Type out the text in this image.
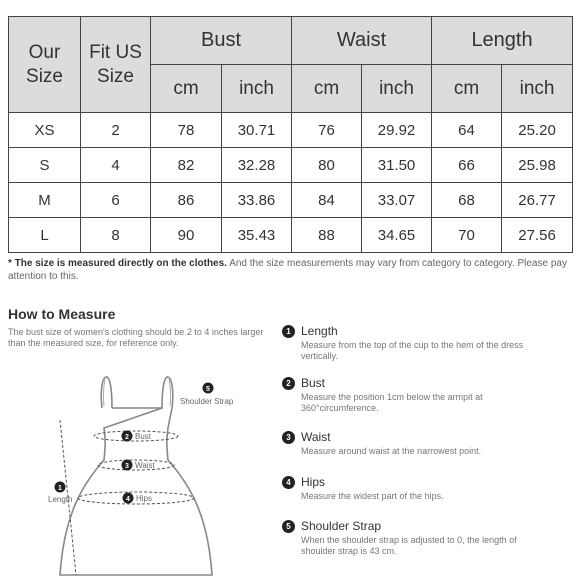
Our Size	Fit US Size	Bust		Waist		Length	
		cm	inch	cm	inch	cm	inch
XS	2	78	30.71	76	29.92	64	25.20
S	4	82	32.28	80	31.50	66	25.98
M	6	86	33.86	84	33.07	68	26.77
L	8	90	35.43	88	34.65	70	27.56
* The size is measured directly on the clothes. And the size measurements may vary from category to category. Please pay attention to this.
How to Measure
The bust size of women's clothing should be 2 to 4 inches larger than the measured size, for reference only.
2 Bust
3 Waist
4 Hips
1
Length
5
Shoulder Strap
1 Length
Measure from the top of the cup to the hem of the dress vertically.
2 Bust
Measure the position 1cm below the armpit at 360°circumference.
3 Waist
Measure around waist at the narrowest point.
4 Hips
Measure the widest part of the hips.
5 Shoulder Strap
When the shoulder strap is adjusted to 0, the length of shoulder strap is 43 cm.
